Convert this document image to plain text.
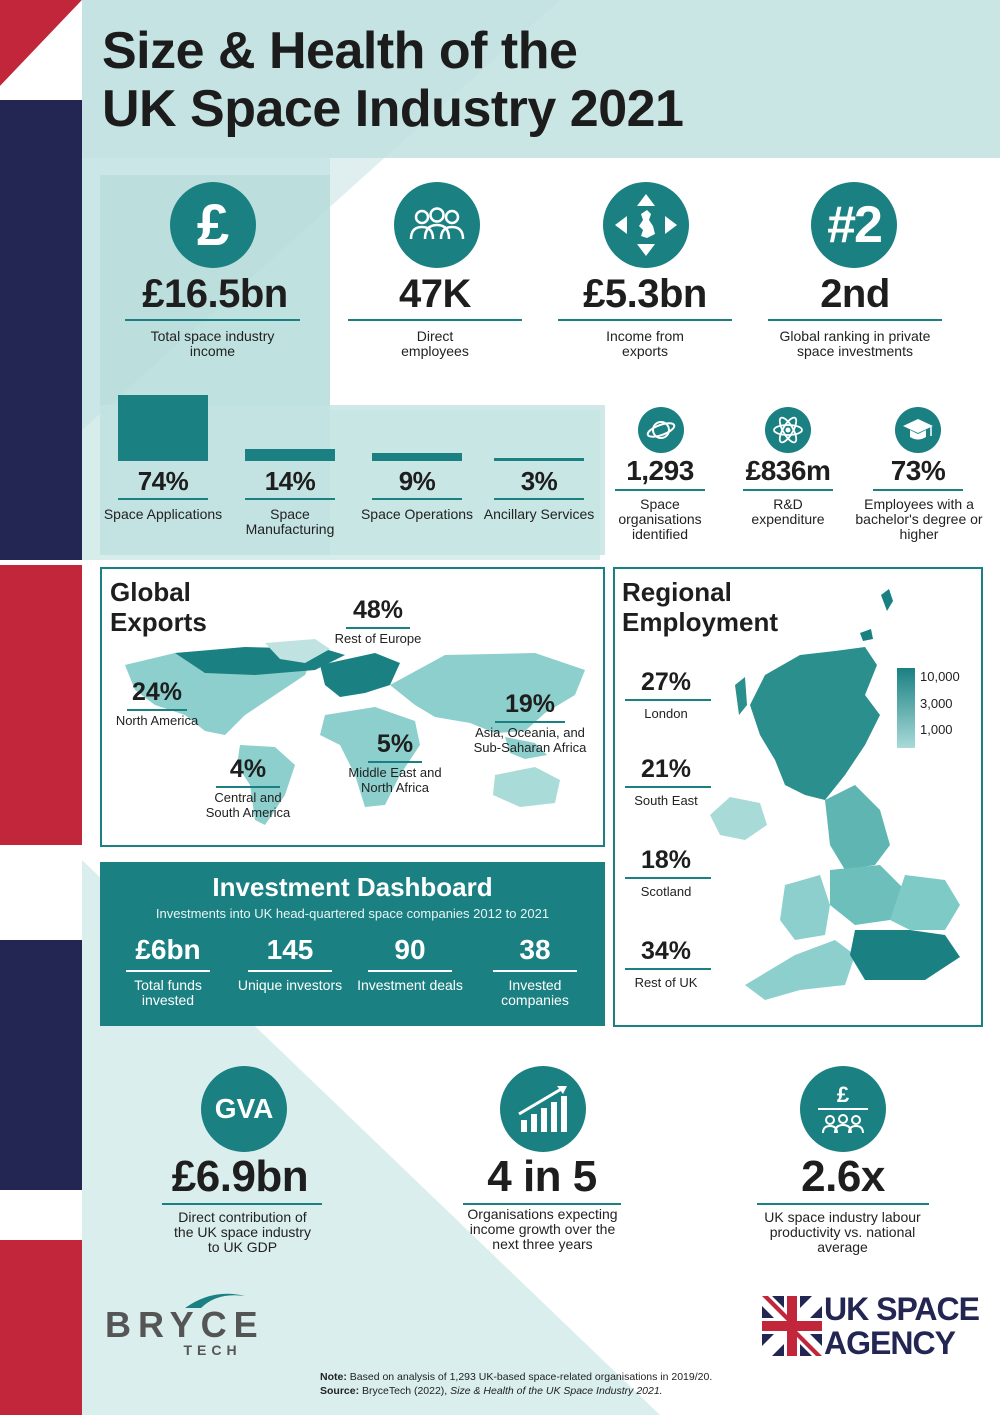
Size & Health of the
UK Space Industry 2021
£
£16.5bn
Total space industry income
47K
Direct employees
£5.3bn
Income from exports
#2
2nd
Global ranking in private space investments
74%
Space Applications
14%
Space Manufacturing
9%
Space Operations
3%
Ancillary Services
1,293
Space organisations identified
£836m
R&D expenditure
73%
Employees with a bachelor's degree or higher
Global
Exports	48%
Rest of Europe
24%
North America
19%
Asia, Oceania, and Sub-Saharan Africa
5%
Middle East and North Africa
4%
Central and South America
Regional
Employment
10,000
3,000
1,000
27%
London
21%
South East
18%
Scotland
34%
Rest of UK
Investment Dashboard
Investments into UK head-quartered space companies 2012 to 2021
£6bn
Total funds invested
145
Unique investors
90
Investment deals
38
Invested companies
GVA
£6.9bn
Direct contribution of the UK space industry to UK GDP
4 in 5
Organisations expecting income growth over the next three years
£
2.6x
UK space industry labour productivity vs. national average
BRYCE
TECH
UK SPACE
AGENCY
Note: Based on analysis of 1,293 UK-based space-related organisations in 2019/20.
Source: BryceTech (2022), Size & Health of the UK Space Industry 2021.
